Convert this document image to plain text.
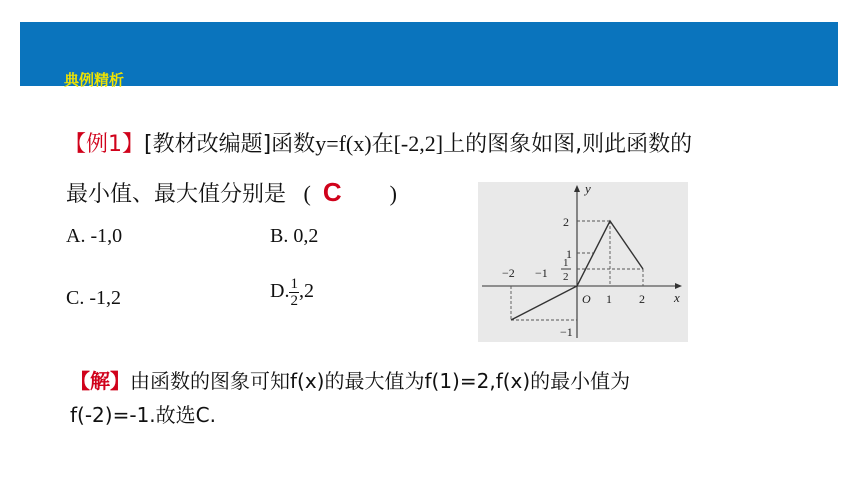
典例精析
【例1】[教材改编题]函数y=f(x)在[-2,2]上的图象如图,则此函数的
最小值、最大值分别是 ( C )
A. -1,0	B. 0,2
C. -1,2	D. $\frac{1}{2} ,2$
y
x
O
−2 −1
1 2
2
1
−1
1
2
【解】由函数的图象可知f(x)的最大值为f(1)=2,f(x)的最小值为
f(-2)=-1.故选C.
